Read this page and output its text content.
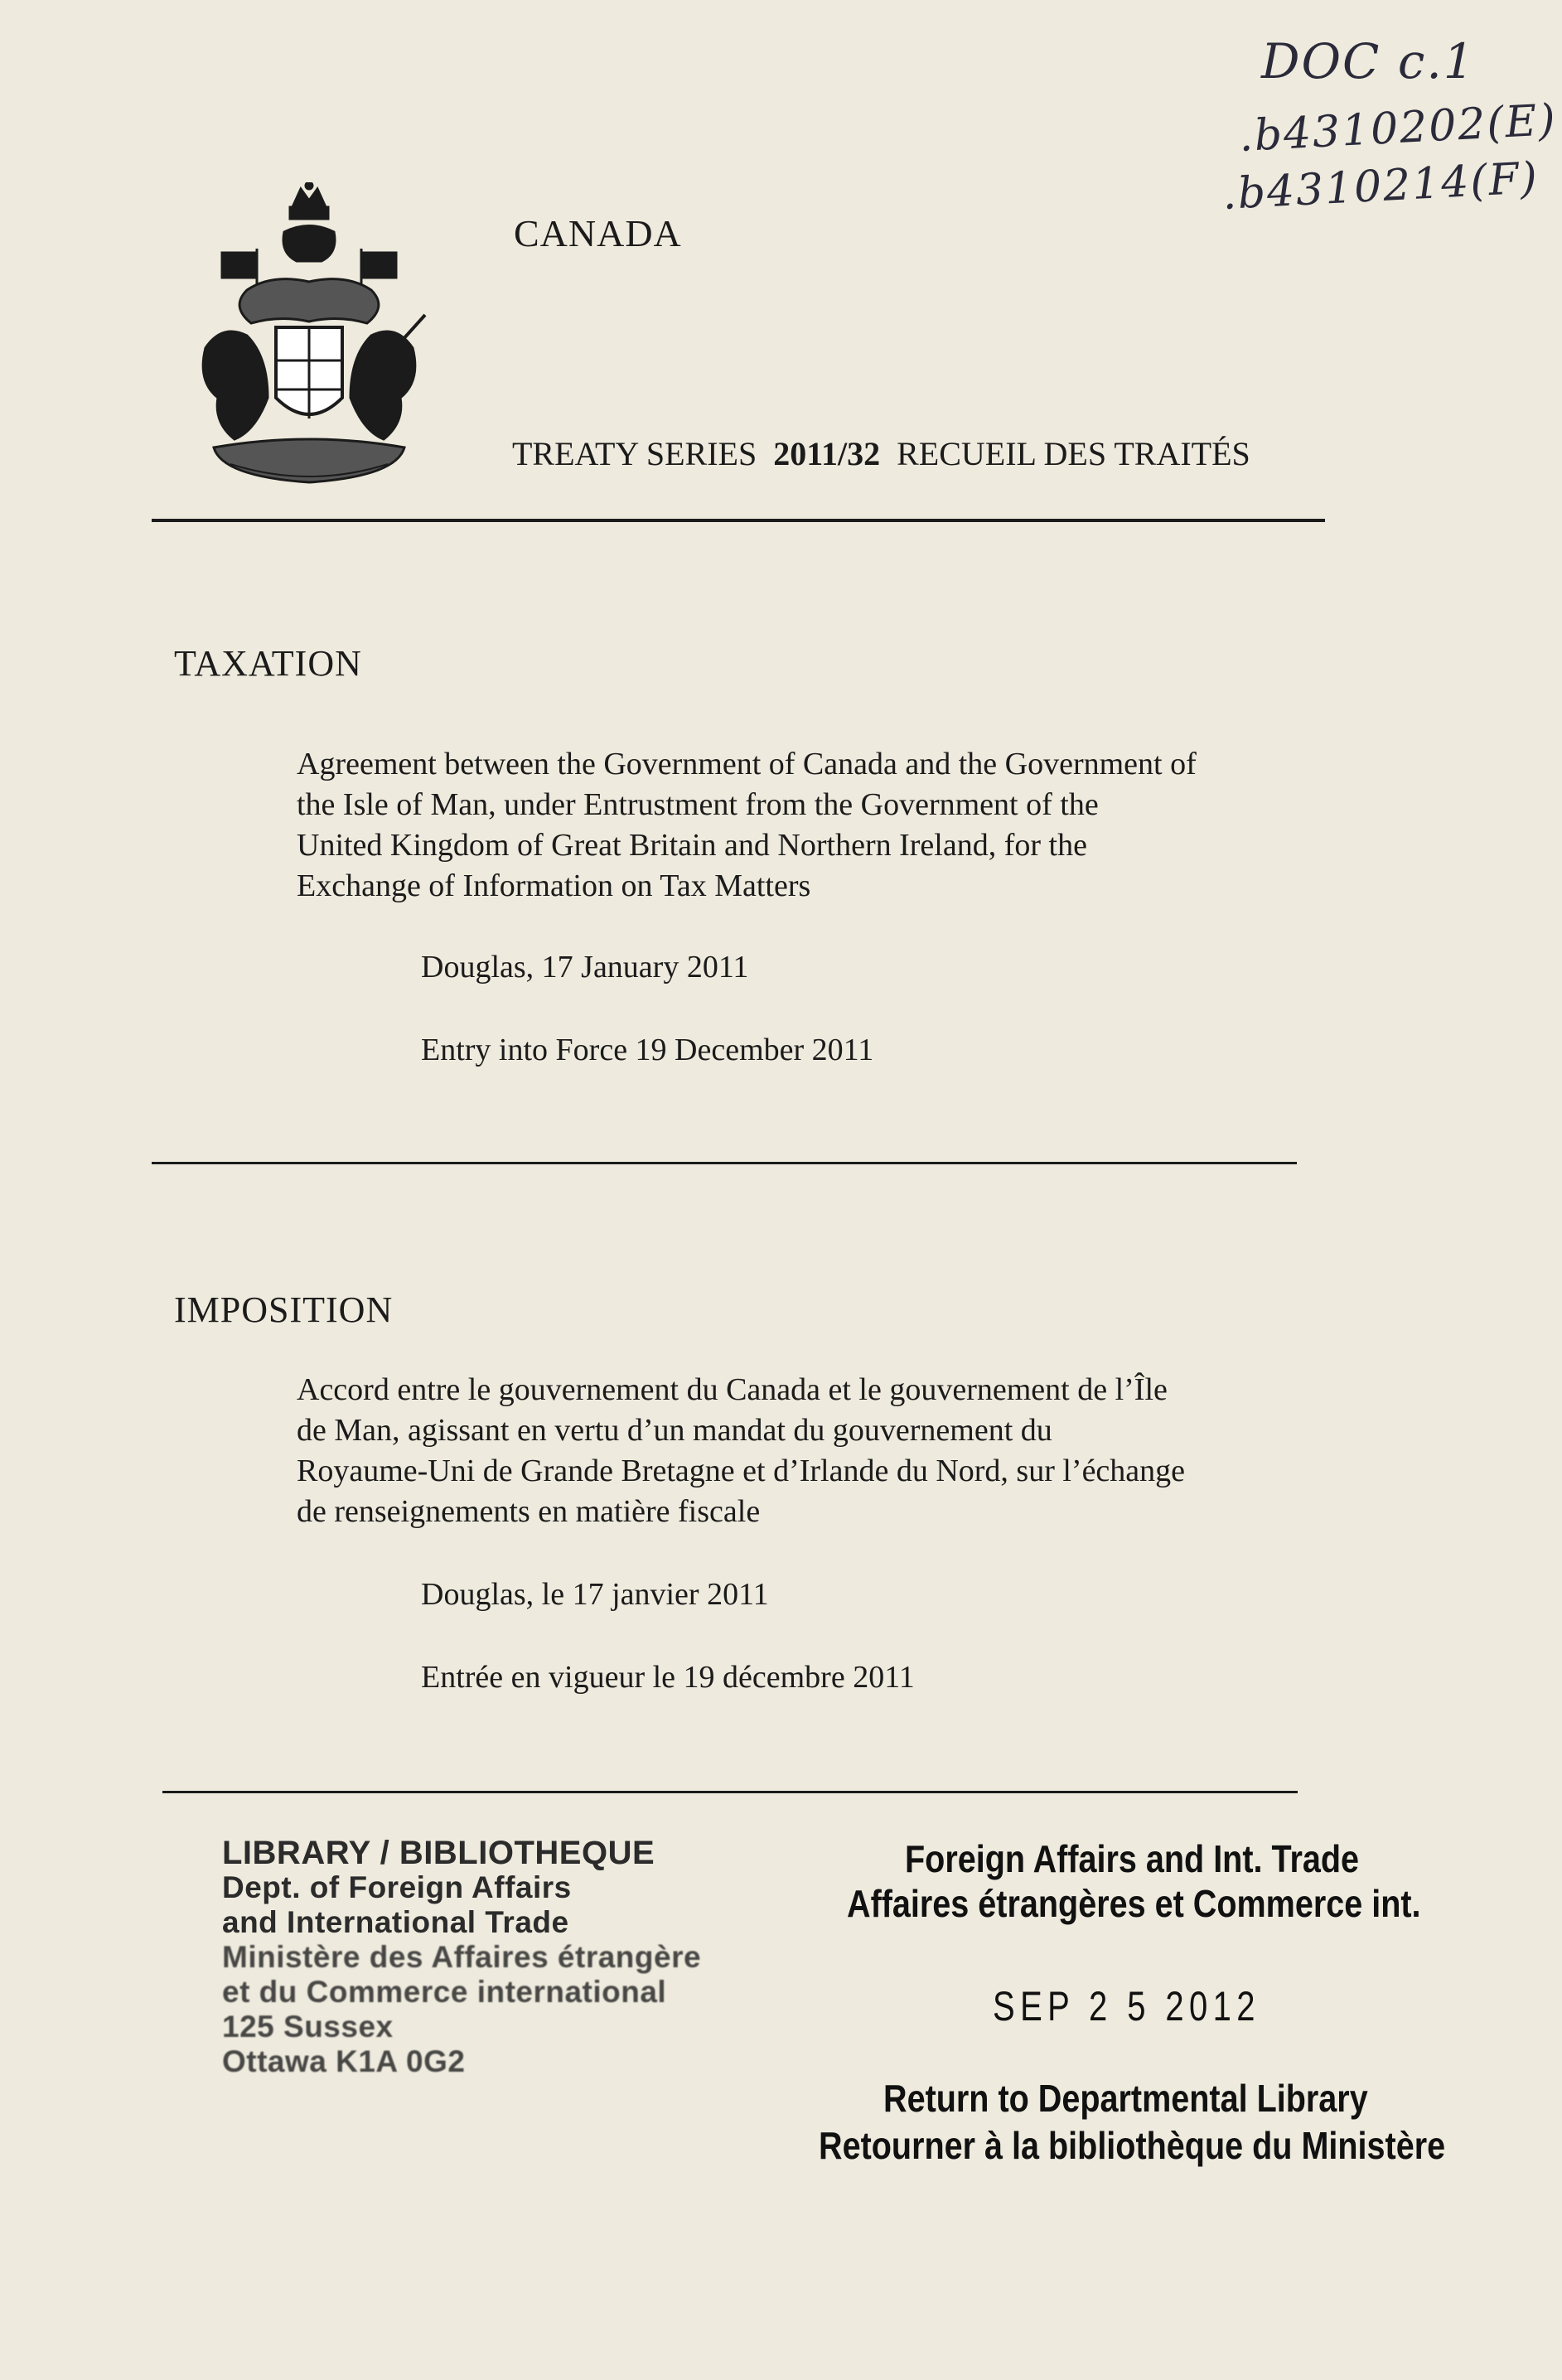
DOC c.1
.b4310202(E)
.b4310214(F)
CANADA
TREATY SERIES 2011/32 RECUEIL DES TRAITÉS
TAXATION
Agreement between the Government of Canada and the Government of
the Isle of Man, under Entrustment from the Government of the
United Kingdom of Great Britain and Northern Ireland, for the
Exchange of Information on Tax Matters
Douglas, 17 January 2011
Entry into Force 19 December 2011
IMPOSITION
Accord entre le gouvernement du Canada et le gouvernement de l’Île
de Man, agissant en vertu d’un mandat du gouvernement du
Royaume-Uni de Grande Bretagne et d’Irlande du Nord, sur l’échange
de renseignements en matière fiscale
Douglas, le 17 janvier 2011
Entrée en vigueur le 19 décembre 2011
LIBRARY / BIBLIOTHEQUE
Dept. of Foreign Affairs
and International Trade
Ministère des Affaires étrangère
et du Commerce international
125 Sussex
Ottawa K1A 0G2
Foreign Affairs and Int. Trade
Affaires étrangères et Commerce int.
SEP 2 5 2012
Return to Departmental Library
Retourner à la bibliothèque du Ministère
